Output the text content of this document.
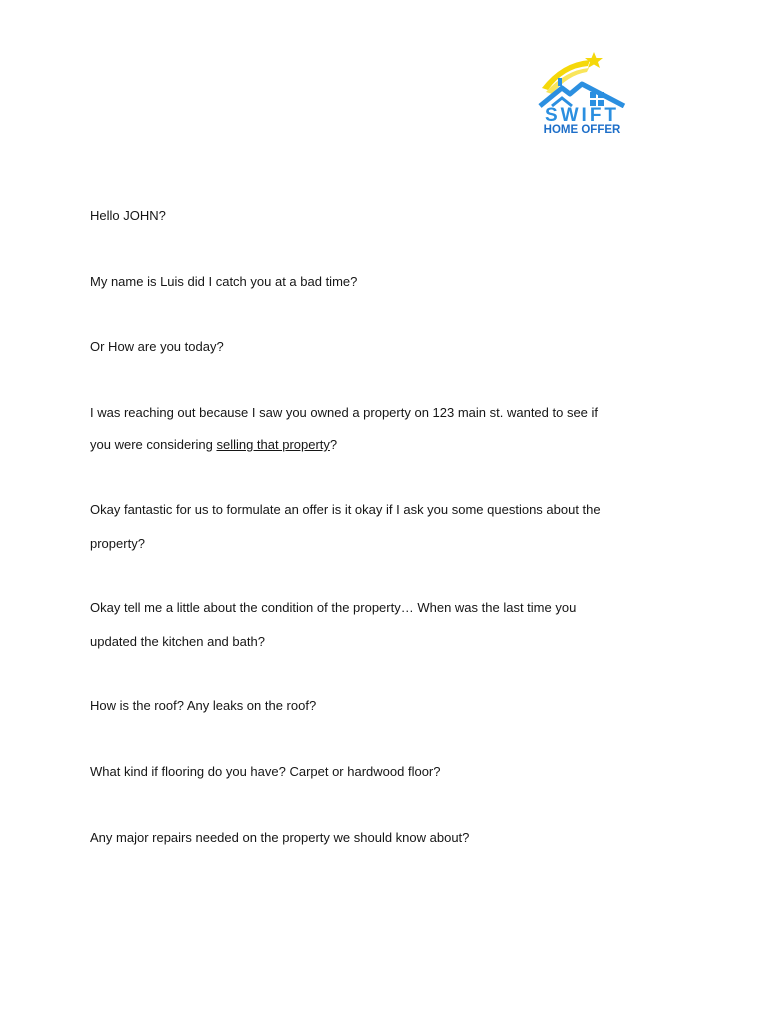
SWIFT
HOME OFFER

Hello JOHN?

My name is Luis did I catch you at a bad time?

Or How are you today?

I was reaching out because I saw you owned a property on 123 main st. wanted to see if

you were considering selling that property?

Okay fantastic for us to formulate an offer is it okay if I ask you some questions about the

property?

Okay tell me a little about the condition of the property… When was the last time you

updated the kitchen and bath?

How is the roof? Any leaks on the roof?

What kind if flooring do you have? Carpet or hardwood floor?

Any major repairs needed on the property we should know about?
